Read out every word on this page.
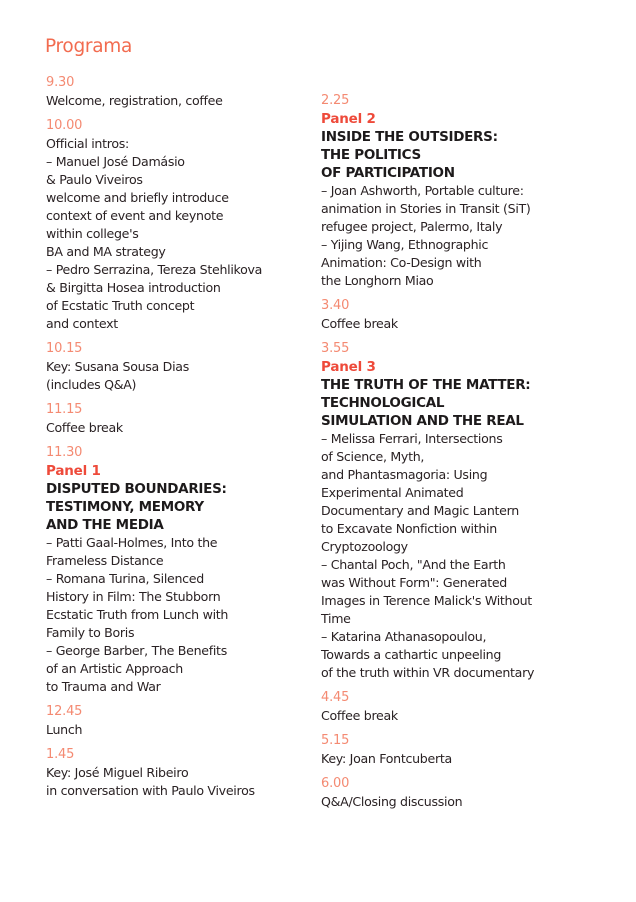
Programa
9.30
Welcome, registration, coffee
10.00
Official intros:
– Manuel José Damásio
& Paulo Viveiros
welcome and briefly introduce
context of event and keynote
within college's
BA and MA strategy
– Pedro Serrazina, Tereza Stehlikova
& Birgitta Hosea introduction
of Ecstatic Truth concept
and context
10.15
Key: Susana Sousa Dias
(includes Q&A)
11.15
Coffee break
11.30
Panel 1
DISPUTED BOUNDARIES:
TESTIMONY, MEMORY
AND THE MEDIA
– Patti Gaal-Holmes, Into the
Frameless Distance
– Romana Turina, Silenced
History in Film: The Stubborn
Ecstatic Truth from Lunch with
Family to Boris
– George Barber, The Benefits
of an Artistic Approach
to Trauma and War
12.45
Lunch
1.45
Key: José Miguel Ribeiro
in conversation with Paulo Viveiros
2.25
Panel 2
INSIDE THE OUTSIDERS:
THE POLITICS
OF PARTICIPATION
– Joan Ashworth, Portable culture:
animation in Stories in Transit (SiT)
refugee project, Palermo, Italy
– Yijing Wang, Ethnographic
Animation: Co-Design with
the Longhorn Miao
3.40
Coffee break
3.55
Panel 3
THE TRUTH OF THE MATTER:
TECHNOLOGICAL
SIMULATION AND THE REAL
– Melissa Ferrari, Intersections
of Science, Myth,
and Phantasmagoria: Using
Experimental Animated
Documentary and Magic Lantern
to Excavate Nonfiction within
Cryptozoology
– Chantal Poch, "And the Earth
was Without Form": Generated
Images in Terence Malick's Without
Time
– Katarina Athanasopoulou,
Towards a cathartic unpeeling
of the truth within VR documentary
4.45
Coffee break
5.15
Key: Joan Fontcuberta
6.00
Q&A/Closing discussion
